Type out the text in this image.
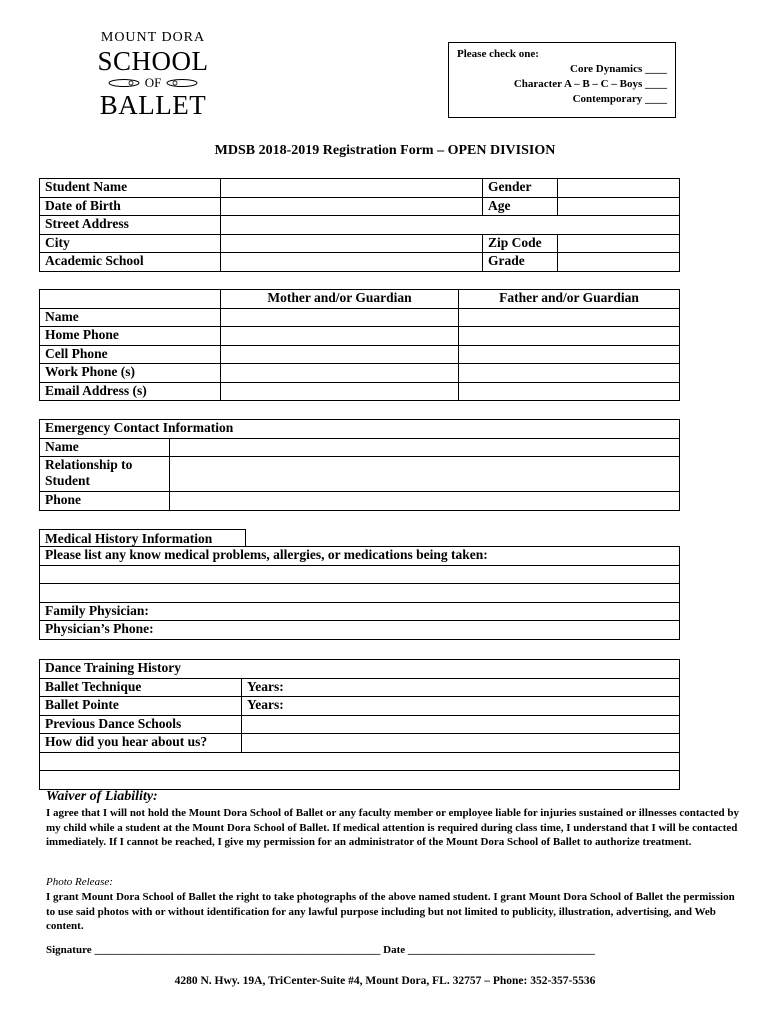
MOUNT DORA
SCHOOL
OF
BALLET
Please check one:
Core Dynamics ____
Character A – B – C – Boys ____
Contemporary ____
MDSB 2018-2019 Registration Form – OPEN DIVISION
Student Name		Gender	
Date of Birth		Age	
Street Address			
City		Zip Code	
Academic School		Grade	
	Mother and/or Guardian	Father and/or Guardian
Name		
Home Phone		
Cell Phone		
Work Phone (s)		
Email Address (s)		
Emergency Contact Information	
Name	
Relationship to Student	
Phone	
Medical History Information
Please list any know medical problems, allergies, or medications being taken:

Family Physician:
Physician’s Phone:
Dance Training History	
Ballet Technique	Years:
Ballet Pointe	Years:
Previous Dance Schools	
How did you hear about us?	

Waiver of Liability:
I agree that I will not hold the Mount Dora School of Ballet or any faculty member or employee liable for injuries sustained or illnesses contacted by my child while a student at the Mount Dora School of Ballet. If medical attention is required during class time, I understand that I will be contacted immediately. If I cannot be reached, I give my permission for an administrator of the Mount Dora School of Ballet to authorize treatment.
Photo Release:
I grant Mount Dora School of Ballet the right to take photographs of the above named student. I grant Mount Dora School of Ballet the permission to use said photos with or without identification for any lawful purpose including but not limited to publicity, illustration, advertising, and Web content.
Signature ____________________________________________________ Date __________________________________
4280 N. Hwy. 19A, TriCenter-Suite #4, Mount Dora, FL. 32757 – Phone: 352-357-5536
